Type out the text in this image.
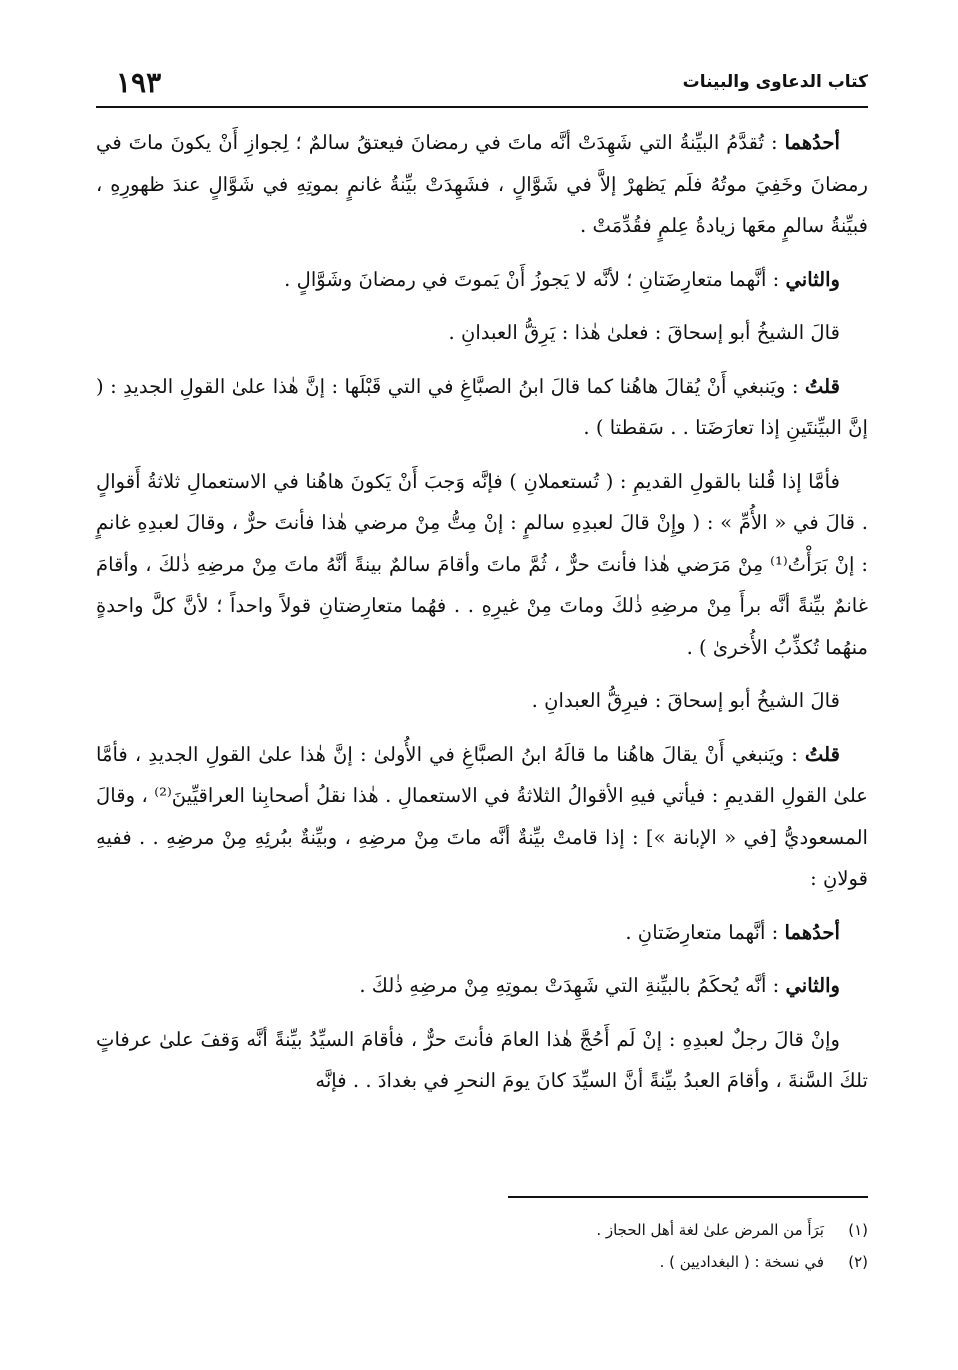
كتاب الدعاوى والبينات
١٩٣

أحدُهما : تُقدَّمُ البيِّنةُ التي شَهِدَتْ أنَّه ماتَ في رمضانَ فيعتقُ سالمٌ ؛ لِجوازِ أَنْ يكونَ ماتَ في رمضانَ وخَفِيَ موتُهُ فلَم يَظهرْ إلاَّ في شَوَّالٍ ، فشَهِدَتْ بيِّنةُ غانمٍ بموتِهِ في شَوَّالٍ عندَ ظهورِهِ ، فبيِّنةُ سالمٍ معَها زيادةُ عِلمٍ فقُدِّمَتْ .

والثاني : أنَّهما متعارِضَتانِ ؛ لأنَّه لا يَجوزُ أَنْ يَموتَ في رمضانَ وشَوَّالٍ .

قالَ الشيخُ أبو إسحاقَ : فعلىٰ هٰذا : يَرِقُّ العبدانِ .

قلتُ : ويَنبغي أَنْ يُقالَ هاهُنا كما قالَ ابنُ الصبَّاغِ في التي قَبْلَها : إنَّ هٰذا علىٰ القولِ الجديدِ : ( إنَّ البيِّنتَينِ إذا تعارَضَتا . . سَقطتا ) .

فأمَّا إذا قُلنا بالقولِ القديمِ : ( تُستعملانِ ) فإنَّه وَجبَ أَنْ يَكونَ هاهُنا في الاستعمالِ ثلاثةُ أَقوالٍ . قالَ في « الأُمِّ » : ( وإِنْ قالَ لعبدِهِ سالمٍ : إنْ مِتُّ مِنْ مرضي هٰذا فأنتَ حرٌّ ، وقالَ لعبدِهِ غانمٍ : إنْ بَرَأْتُ⁽¹⁾ مِنْ مَرَضي هٰذا فأنتَ حرٌّ ، ثُمَّ ماتَ وأقامَ سالمٌ بينةً أنَّهُ ماتَ مِنْ مرضِهِ ذٰلكَ ، وأقامَ غانمٌ بيِّنةً أنَّه برأَ مِنْ مرضِهِ ذٰلكَ وماتَ مِنْ غيرِهِ . . فهُما متعارِضتانِ قولاً واحداً ؛ لأنَّ كلَّ واحدةٍ منهُما تُكذِّبُ الأُخرىٰ ) .

قالَ الشيخُ أبو إسحاقَ : فيرِقُّ العبدانِ .

قلتُ : ويَنبغي أَنْ يقالَ هاهُنا ما قالَهُ ابنُ الصبَّاغِ في الأُولىٰ : إنَّ هٰذا علىٰ القولِ الجديدِ ، فأمَّا علىٰ القولِ القديمِ : فيأتي فيهِ الأقوالُ الثلاثةُ في الاستعمالِ . هٰذا نقلُ أصحابِنا العراقيِّينَ⁽²⁾ ، وقالَ المسعوديُّ [في « الإبانة »] : إذا قامتْ بيِّنةٌ أنَّه ماتَ مِنْ مرضِهِ ، وبيِّنةٌ ببُرئِهِ مِنْ مرضِهِ . . ففيهِ قولانِ :

أحدُهما : أنَّهما متعارِضَتانِ .

والثاني : أنَّه يُحكَمُ بالبيِّنةِ التي شَهِدَتْ بموتِهِ مِنْ مرضِهِ ذٰلكَ .

وإنْ قالَ رجلٌ لعبدِهِ : إنْ لَم أَحُجَّ هٰذا العامَ فأنتَ حرٌّ ، فأقامَ السيِّدُ بيِّنةً أنَّه وَقفَ علىٰ عرفاتٍ تلكَ السَّنةَ ، وأقامَ العبدُ بيِّنةً أنَّ السيِّدَ كانَ يومَ النحرِ في بغدادَ . . فإنَّه

(١)
بَرَأَ من المرض علىٰ لغة أهل الحجاز .
(٢)
في نسخة : ( البغداديين ) .
